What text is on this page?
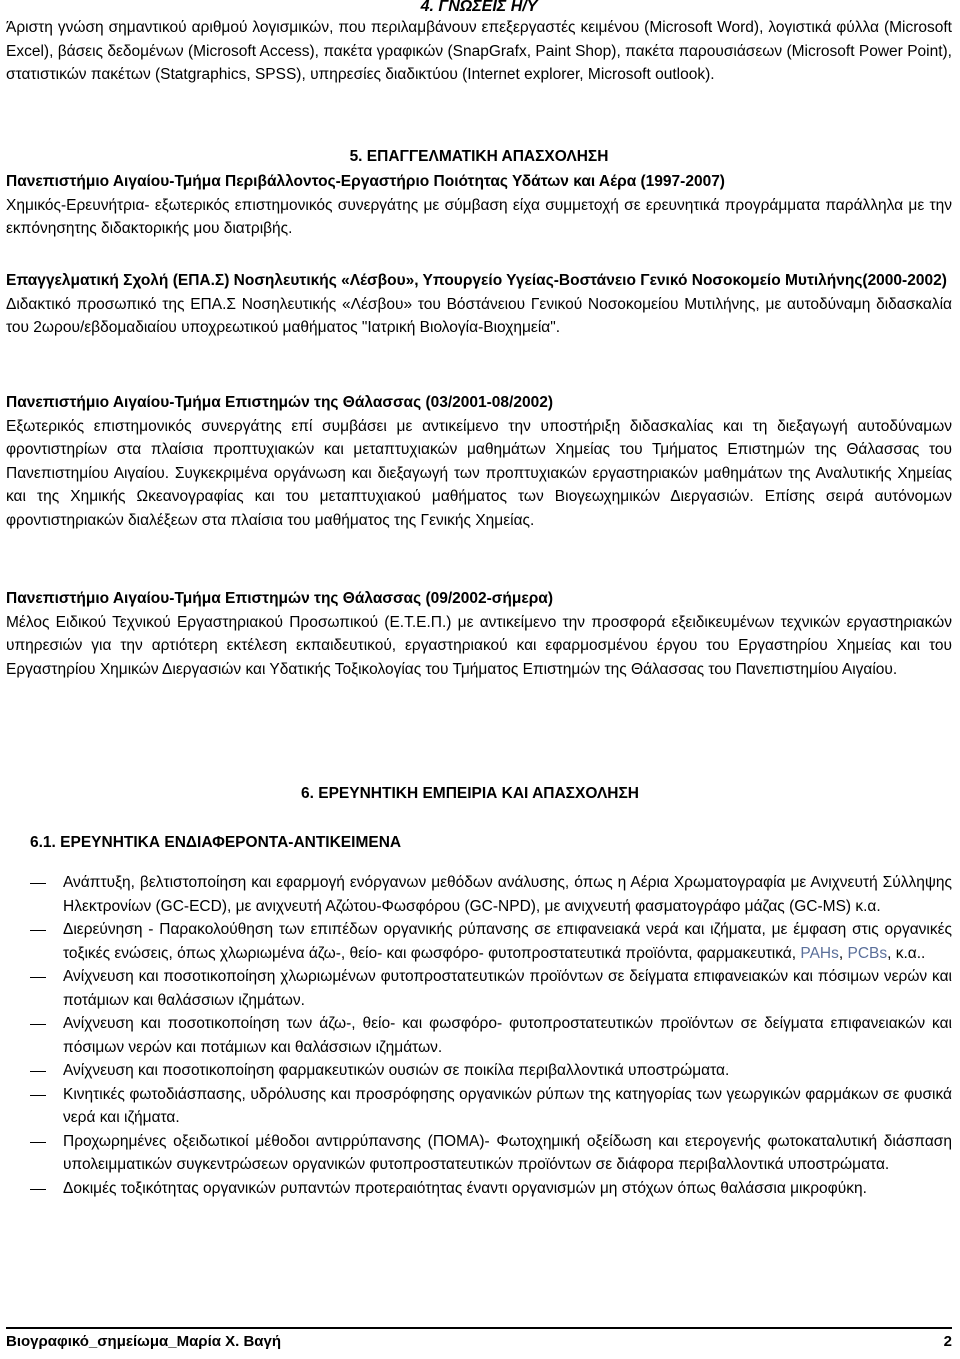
4. ΓΝΩΣΕΙΣ Η/Υ

Άριστη γνώση σημαντικού αριθμού λογισμικών, που περιλαμβάνουν επεξεργαστές κειμένου (Microsoft Word), λογιστικά φύλλα (Microsoft Excel), βάσεις δεδομένων (Microsoft Access), πακέτα γραφικών (SnapGrafx, Paint Shop), πακέτα παρουσιάσεων (Microsoft Power Point), στατιστικών πακέτων (Statgraphics, SPSS), υπηρεσίες διαδικτύου (Internet explorer, Microsoft outlook).

5. ΕΠΑΓΓΕΛΜΑΤΙΚΗ ΑΠΑΣΧΟΛΗΣΗ

Πανεπιστήμιο Αιγαίου-Τμήμα Περιβάλλοντος-Εργαστήριο Ποιότητας Υδάτων και Αέρα (1997-2007)

Χημικός-Ερευνήτρια- εξωτερικός επιστημονικός συνεργάτης με σύμβαση είχα συμμετοχή σε ερευνητικά προγράμματα παράλληλα με την εκπόνησητης διδακτορικής μου διατριβής.

Επαγγελματική Σχολή (ΕΠΑ.Σ) Νοσηλευτικής «Λέσβου», Υπουργείο Υγείας-Βοστάνειο Γενικό Νοσοκομείο Μυτιλήνης(2000-2002)

Διδακτικό προσωπικό της ΕΠΑ.Σ Νοσηλευτικής «Λέσβου» του Βόστάνειου Γενικού Νοσοκομείου Μυτιλήνης, με αυτοδύναμη διδασκαλία του 2ωρου/εβδομαδιαίου υποχρεωτικού μαθήματος "Ιατρική Βιολογία-Βιοχημεία".

Πανεπιστήμιο Αιγαίου-Τμήμα Επιστημών της Θάλασσας (03/2001-08/2002)

Εξωτερικός επιστημονικός συνεργάτης επί συμβάσει με αντικείμενο την υποστήριξη διδασκαλίας και τη διεξαγωγή αυτοδύναμων φροντιστηρίων στα πλαίσια προπτυχιακών και μεταπτυχιακών μαθημάτων Χημείας του Τμήματος Επιστημών της Θάλασσας του Πανεπιστημίου Αιγαίου. Συγκεκριμένα οργάνωση και διεξαγωγή των προπτυχιακών εργαστηριακών μαθημάτων της Αναλυτικής Χημείας και της Χημικής Ωκεανογραφίας και του μεταπτυχιακού μαθήματος των Βιογεωχημικών Διεργασιών. Επίσης σειρά αυτόνομων φροντιστηριακών διαλέξεων στα πλαίσια του μαθήματος της Γενικής Χημείας.

Πανεπιστήμιο Αιγαίου-Τμήμα Επιστημών της Θάλασσας (09/2002-σήμερα)

Μέλος Ειδικού Τεχνικού Εργαστηριακού Προσωπικού (Ε.Τ.Ε.Π.) με αντικείμενο την προσφορά εξειδικευμένων τεχνικών εργαστηριακών υπηρεσιών για την αρτιότερη εκτέλεση εκπαιδευτικού, εργαστηριακού και εφαρμοσμένου έργου του Εργαστηρίου Χημείας και του Εργαστηρίου Χημικών Διεργασιών και Υδατικής Τοξικολογίας του Τμήματος Επιστημών της Θάλασσας του Πανεπιστημίου Αιγαίου.

6. ΕΡΕΥΝΗΤΙΚΗ ΕΜΠΕΙΡΙΑ ΚΑΙ ΑΠΑΣΧΟΛΗΣΗ

6.1. ΕΡΕΥΝΗΤΙΚΑ ΕΝΔΙΑΦΕΡΟΝΤΑ-ΑΝΤΙΚΕΙΜΕΝΑ

Ανάπτυξη, βελτιστοποίηση και εφαρμογή ενόργανων μεθόδων ανάλυσης, όπως η Αέρια Χρωματογραφία με Ανιχνευτή Σύλληψης Ηλεκτρονίων (GC-ECD), με ανιχνευτή Αζώτου-Φωσφόρου (GC-NPD), με ανιχνευτή φασματογράφο μάζας (GC-MS) κ.α.
Διερεύνηση - Παρακολούθηση των επιπέδων οργανικής ρύπανσης σε επιφανειακά νερά και ιζήματα, με έμφαση στις οργανικές τοξικές ενώσεις, όπως χλωριωμένα άζω-, θείο- και φωσφόρο- φυτοπροστατευτικά προϊόντα, φαρμακευτικά, PAHs, PCBs, κ.α..
Ανίχνευση και ποσοτικοποίηση χλωριωμένων φυτοπροστατευτικών προϊόντων σε δείγματα επιφανειακών και πόσιμων νερών και ποτάμιων και θαλάσσιων ιζημάτων.
Ανίχνευση και ποσοτικοποίηση των άζω-, θείο- και φωσφόρο- φυτοπροστατευτικών προϊόντων σε δείγματα επιφανειακών και πόσιμων νερών και ποτάμιων και θαλάσσιων ιζημάτων.
Ανίχνευση και ποσοτικοποίηση φαρμακευτικών ουσιών σε ποικίλα περιβαλλοντικά υποστρώματα.
Κινητικές φωτοδιάσπασης, υδρόλυσης και προσρόφησης οργανικών ρύπων της κατηγορίας των γεωργικών φαρμάκων σε φυσικά νερά και ιζήματα.
Προχωρημένες οξειδωτικοί μέθοδοι αντιρρύπανσης (ΠΟΜΑ)- Φωτοχημική οξείδωση και ετερογενής φωτοκαταλυτική διάσπαση υπολειμματικών συγκεντρώσεων οργανικών φυτοπροστατευτικών προϊόντων σε διάφορα περιβαλλοντικά υποστρώματα.
Δοκιμές τοξικότητας οργανικών ρυπαντών προτεραιότητας έναντι οργανισμών μη στόχων όπως θαλάσσια μικροφύκη.
Βιογραφικό_σημείωμα_Μαρία Χ. Βαγή	2
